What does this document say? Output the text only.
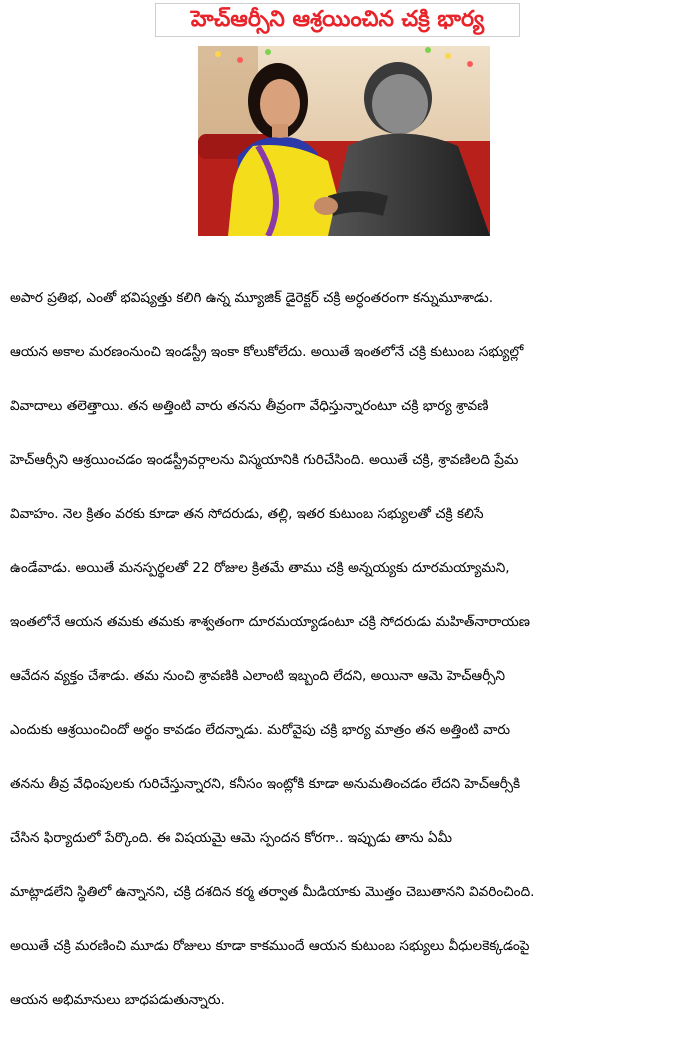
హెచ్‌ఆర్సీని ఆశ్రయించిన చక్రి భార్య

అపార ప్రతిభ, ఎంతో భవిష్యత్తు కలిగి ఉన్న మ్యూజిక్ డైరెక్టర్ చక్రి అర్ధంతరంగా కన్నుమూశాడు.

ఆయన అకాల మరణంనుంచి ఇండస్ట్రీ ఇంకా కోలుకోలేదు. అయితే ఇంతలోనే చక్రి కుటుంబ సభ్యుల్లో

వివాదాలు తలెత్తాయి. తన అత్తింటి వారు తనను తీవ్రంగా వేధిస్తున్నారంటూ చక్రి భార్య శ్రావణి

హెచ్‌ఆర్సీని ఆశ్రయించడం ఇండస్ట్రీవర్గాలను విస్మయానికి గురిచేసింది. అయితే చక్రి, శ్రావణిలది ప్రేమ

వివాహం. నెల క్రితం వరకు కూడా తన సోదరుడు, తల్లి, ఇతర కుటుంబ సభ్యులతో చక్రి కలిసే

ఉండేవాడు. అయితే మనస్పర్థలతో 22 రోజుల క్రితమే తాము చక్రి అన్నయ్యకు దూరమయ్యామని,

ఇంతలోనే ఆయన తమకు తమకు శాశ్వతంగా దూరమయ్యాడంటూ చక్రి సోదరుడు మహిత్‌నారాయణ

ఆవేదన వ్యక్తం చేశాడు. తమ నుంచి శ్రావణికి ఎలాంటి ఇబ్బంది లేదని, అయినా ఆమె హెచ్‌ఆర్సీని

ఎందుకు ఆశ్రయించిందో అర్థం కావడం లేదన్నాడు. మరోవైపు చక్రి భార్య మాత్రం తన అత్తింటి వారు

తనను తీవ్ర వేధింపులకు గురిచేస్తున్నారని, కనీసం ఇంట్లోకి కూడా అనుమతించడం లేదని హెచ్‌ఆర్సీకి

చేసిన ఫిర్యాదులో పేర్కొంది. ఈ విషయమై ఆమె స్పందన కోరగా.. ఇప్పుడు తాను ఏమీ

మాట్లాడలేని స్థితిలో ఉన్నానని, చక్రి దశదిన కర్మ తర్వాత మీడియాకు మొత్తం చెబుతానని వివరించింది.

అయితే చక్రి మరణించి మూడు రోజులు కూడా కాకముందే ఆయన కుటుంబ సభ్యులు వీధులకెక్కడంపై

ఆయన అభిమానులు బాధపడుతున్నారు.
